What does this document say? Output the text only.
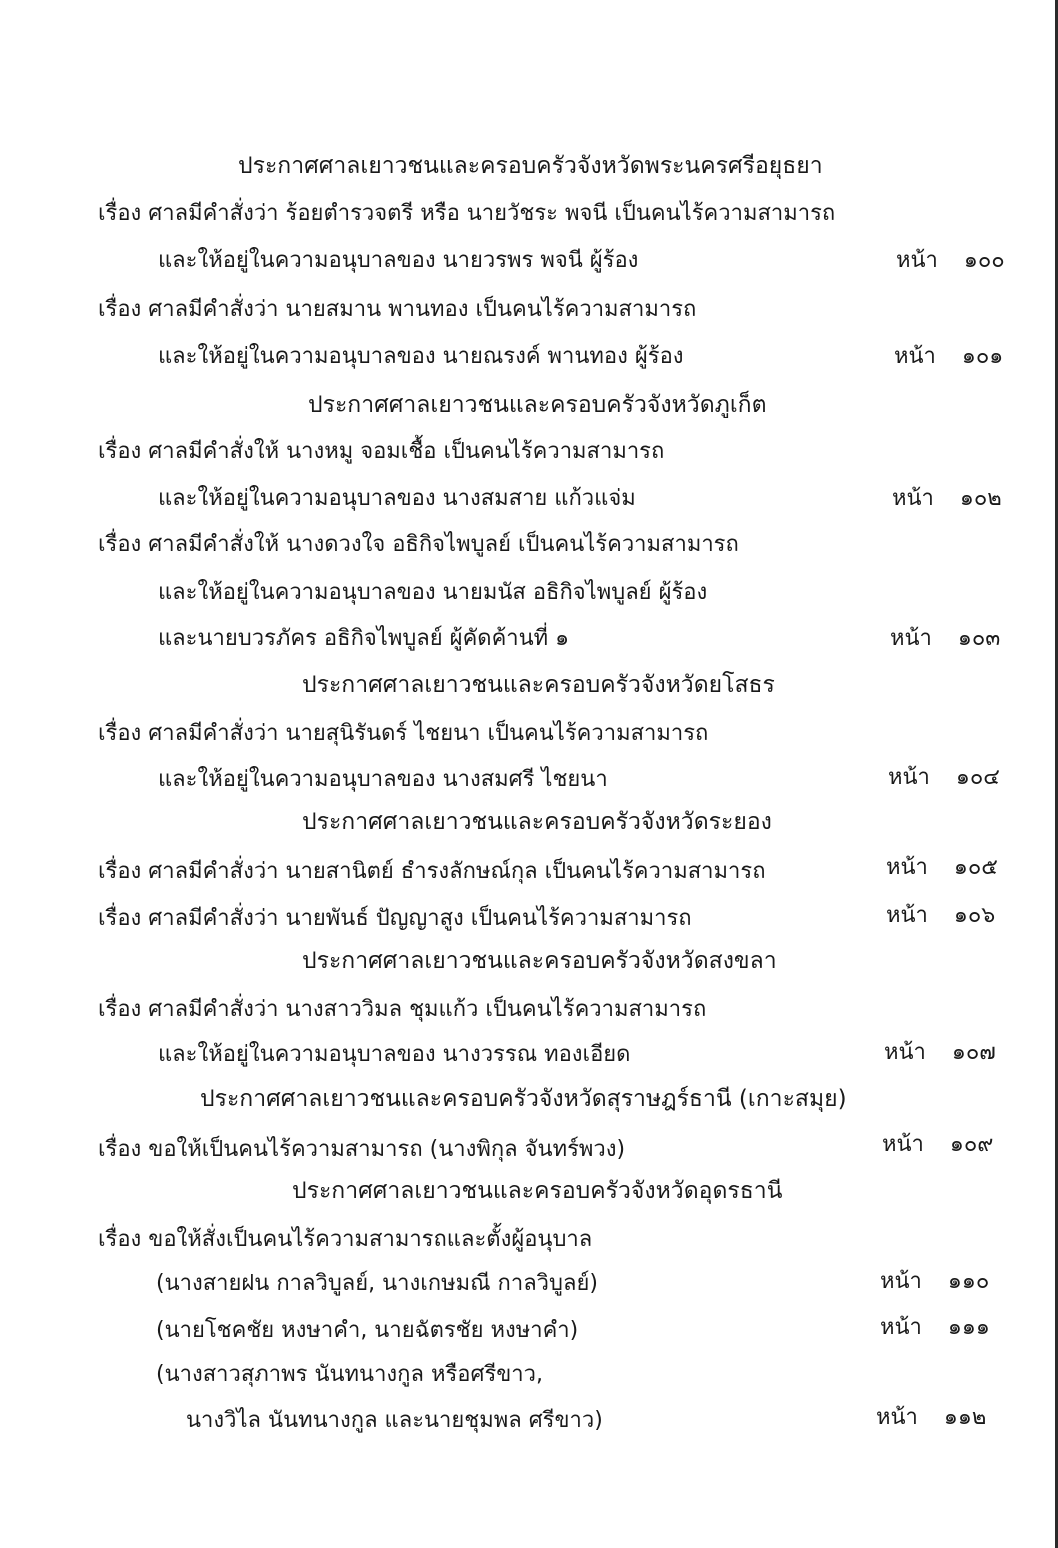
ประกาศศาลเยาวชนและครอบครัวจังหวัดพระนครศรีอยุธยา
เรื่อง ศาลมีคำสั่งว่า ร้อยตำรวจตรี หรือ นายวัชระ พจนี เป็นคนไร้ความสามารถ
และให้อยู่ในความอนุบาลของ นายวรพร พจนี ผู้ร้อง	หน้า ๑๐๐
เรื่อง ศาลมีคำสั่งว่า นายสมาน พานทอง เป็นคนไร้ความสามารถ
และให้อยู่ในความอนุบาลของ นายณรงค์ พานทอง ผู้ร้อง	หน้า ๑๐๑
ประกาศศาลเยาวชนและครอบครัวจังหวัดภูเก็ต
เรื่อง ศาลมีคำสั่งให้ นางหมู จอมเชื้อ เป็นคนไร้ความสามารถ
และให้อยู่ในความอนุบาลของ นางสมสาย แก้วแจ่ม	หน้า ๑๐๒
เรื่อง ศาลมีคำสั่งให้ นางดวงใจ อธิกิจไพบูลย์ เป็นคนไร้ความสามารถ
และให้อยู่ในความอนุบาลของ นายมนัส อธิกิจไพบูลย์ ผู้ร้อง
และนายบวรภัคร อธิกิจไพบูลย์ ผู้คัดค้านที่ ๑	หน้า ๑๐๓
ประกาศศาลเยาวชนและครอบครัวจังหวัดยโสธร
เรื่อง ศาลมีคำสั่งว่า นายสุนิรันดร์ ไชยนา เป็นคนไร้ความสามารถ
และให้อยู่ในความอนุบาลของ นางสมศรี ไชยนา	หน้า ๑๐๔
ประกาศศาลเยาวชนและครอบครัวจังหวัดระยอง
เรื่อง ศาลมีคำสั่งว่า นายสานิตย์ ธำรงลักษณ์กุล เป็นคนไร้ความสามารถ	หน้า ๑๐๕
เรื่อง ศาลมีคำสั่งว่า นายพันธ์ ปัญญาสูง เป็นคนไร้ความสามารถ	หน้า ๑๐๖
ประกาศศาลเยาวชนและครอบครัวจังหวัดสงขลา
เรื่อง ศาลมีคำสั่งว่า นางสาววิมล ชุมแก้ว เป็นคนไร้ความสามารถ
และให้อยู่ในความอนุบาลของ นางวรรณ ทองเอียด	หน้า ๑๐๗
ประกาศศาลเยาวชนและครอบครัวจังหวัดสุราษฎร์ธานี (เกาะสมุย)
เรื่อง ขอให้เป็นคนไร้ความสามารถ (นางพิกุล จันทร์พวง)	หน้า ๑๐๙
ประกาศศาลเยาวชนและครอบครัวจังหวัดอุดรธานี
เรื่อง ขอให้สั่งเป็นคนไร้ความสามารถและตั้งผู้อนุบาล
(นางสายฝน กาลวิบูลย์, นางเกษมณี กาลวิบูลย์)	หน้า ๑๑๐
(นายโชคชัย หงษาคำ, นายฉัตรชัย หงษาคำ)	หน้า ๑๑๑
(นางสาวสุภาพร นันทนางกูล หรือศรีขาว,
นางวิไล นันทนางกูล และนายชุมพล ศรีขาว)	หน้า ๑๑๒
